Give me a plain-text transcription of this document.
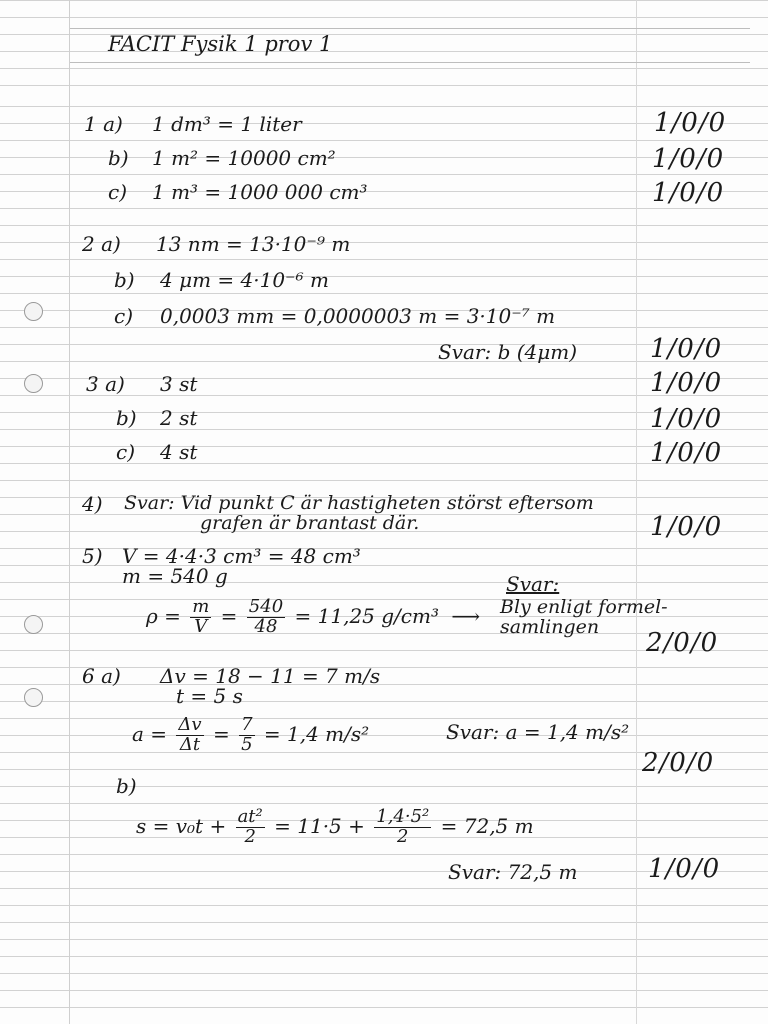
FACIT Fysik 1 prov 1
1 a) 1 dm³ = 1 liter	1/0/0
b) 1 m² = 10000 cm²	1/0/0
c) 1 m³ = 1000 000 cm³	1/0/0
2 a) 13 nm = 13·10⁻⁹ m
b) 4 μm = 4·10⁻⁶ m
c) 0,0003 mm = 0,0000003 m = 3·10⁻⁷ m
Svar: b (4μm)	1/0/0
3 a) 3 st	1/0/0
b) 2 st	1/0/0
c) 4 st	1/0/0
4) Svar: Vid punkt C är hastigheten störst eftersom
grafen är brantast där.	1/0/0
5) V = 4·4·3 cm³ = 48 cm³
m = 540 g
$\rho = \frac{m}{V} = \frac{540}{48} = 11,25$ g/cm³ ⟶
Svar:
Bly enligt formel-
samlingen
2/0/0
6 a) Δv = 18 − 11 = 7 m/s
t = 5 s
$a = \frac{\Delta v}{\Delta t} = \frac{7}{5} = 1,4$ m/s²	Svar: a = 1,4 m/s²
2/0/0
b)
$s = v_0t + \frac{\text{at²}}{2} = 11\cdot 5 + \frac{\text{1,4·5²}}{2} = 72,5$ m
Svar: 72,5 m	1/0/0
